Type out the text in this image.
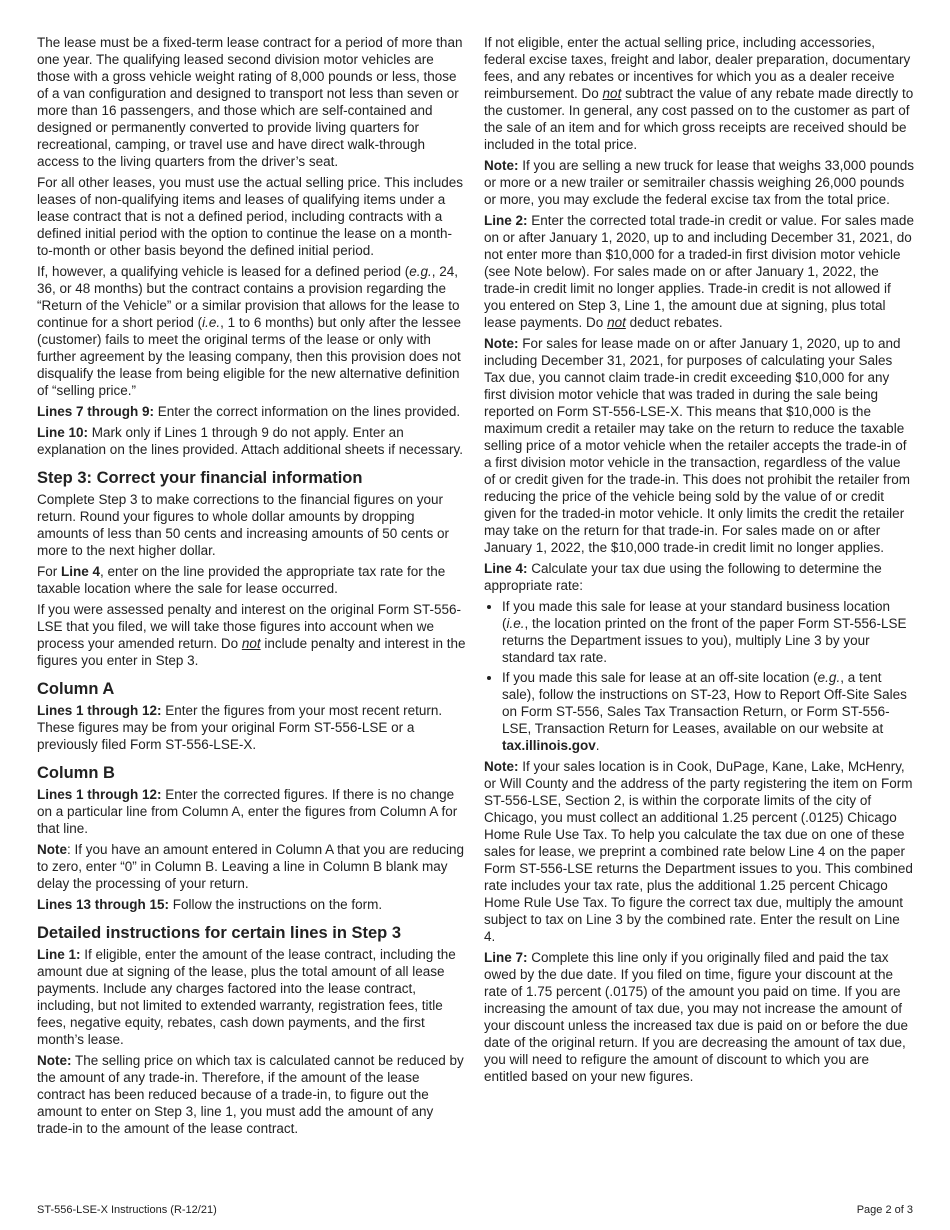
The lease must be a fixed-term lease contract for a period of more than one year. The qualifying leased second division motor vehicles are those with a gross vehicle weight rating of 8,000 pounds or less, those of a van configuration and designed to transport not less than seven or more than 16 passengers, and those which are self-contained and designed or permanently converted to provide living quarters for recreational, camping, or travel use and have direct walk-through access to the living quarters from the driver’s seat.

For all other leases, you must use the actual selling price. This includes leases of non-qualifying items and leases of qualifying items under a lease contract that is not a defined period, including contracts with a defined initial period with the option to continue the lease on a month-to-month or other basis beyond the defined initial period.

If, however, a qualifying vehicle is leased for a defined period (e.g., 24, 36, or 48 months) but the contract contains a provision regarding the “Return of the Vehicle” or a similar provision that allows for the lease to continue for a short period (i.e., 1 to 6 months) but only after the lessee (customer) fails to meet the original terms of the lease or only with further agreement by the leasing company, then this provision does not disqualify the lease from being eligible for the new alternative definition of “selling price.”

Lines 7 through 9: Enter the correct information on the lines provided.

Line 10: Mark only if Lines 1 through 9 do not apply. Enter an explanation on the lines provided. Attach additional sheets if necessary.

Step 3: Correct your financial information

Complete Step 3 to make corrections to the financial figures on your return. Round your figures to whole dollar amounts by dropping amounts of less than 50 cents and increasing amounts of 50 cents or more to the next higher dollar.

For Line 4, enter on the line provided the appropriate tax rate for the taxable location where the sale for lease occurred.

If you were assessed penalty and interest on the original Form ST-556-LSE that you filed, we will take those figures into account when we process your amended return. Do not include penalty and interest in the figures you enter in Step 3.

Column A

Lines 1 through 12: Enter the figures from your most recent return. These figures may be from your original Form ST-556-LSE or a previously filed Form ST-556-LSE-X.

Column B

Lines 1 through 12: Enter the corrected figures. If there is no change on a particular line from Column A, enter the figures from Column A for that line.

Note: If you have an amount entered in Column A that you are reducing to zero, enter “0” in Column B. Leaving a line in Column B blank may delay the processing of your return.

Lines 13 through 15: Follow the instructions on the form.

Detailed instructions for certain lines in Step 3

Line 1: If eligible, enter the amount of the lease contract, including the amount due at signing of the lease, plus the total amount of all lease payments. Include any charges factored into the lease contract, including, but not limited to extended warranty, registration fees, title fees, negative equity, rebates, cash down payments, and the first month’s lease.

Note: The selling price on which tax is calculated cannot be reduced by the amount of any trade-in. Therefore, if the amount of the lease contract has been reduced because of a trade-in, to figure out the amount to enter on Step 3, line 1, you must add the amount of any trade-in to the amount of the lease contract.

If not eligible, enter the actual selling price, including accessories, federal excise taxes, freight and labor, dealer preparation, documentary fees, and any rebates or incentives for which you as a dealer receive reimbursement. Do not subtract the value of any rebate made directly to the customer. In general, any cost passed on to the customer as part of the sale of an item and for which gross receipts are received should be included in the total price.

Note: If you are selling a new truck for lease that weighs 33,000 pounds or more or a new trailer or semitrailer chassis weighing 26,000 pounds or more, you may exclude the federal excise tax from the total price.

Line 2: Enter the corrected total trade-in credit or value. For sales made on or after January 1, 2020, up to and including December 31, 2021, do not enter more than $10,000 for a traded-in first division motor vehicle (see Note below). For sales made on or after January 1, 2022, the trade-in credit limit no longer applies. Trade-in credit is not allowed if you entered on Step 3, Line 1, the amount due at signing, plus total lease payments. Do not deduct rebates.

Note: For sales for lease made on or after January 1, 2020, up to and including December 31, 2021, for purposes of calculating your Sales Tax due, you cannot claim trade-in credit exceeding $10,000 for any first division motor vehicle that was traded in during the sale being reported on Form ST-556-LSE-X. This means that $10,000 is the maximum credit a retailer may take on the return to reduce the taxable selling price of a motor vehicle when the retailer accepts the trade-in of a first division motor vehicle in the transaction, regardless of the value of or credit given for the trade-in. This does not prohibit the retailer from reducing the price of the vehicle being sold by the value of or credit given for the traded-in motor vehicle. It only limits the credit the retailer may take on the return for that trade-in. For sales made on or after January 1, 2022, the $10,000 trade-in credit limit no longer applies.

Line 4: Calculate your tax due using the following to determine the appropriate rate:

• If you made this sale for lease at your standard business location (i.e., the location printed on the front of the paper Form ST-556-LSE returns the Department issues to you), multiply Line 3 by your standard tax rate.
• If you made this sale for lease at an off-site location (e.g., a tent sale), follow the instructions on ST-23, How to Report Off-Site Sales on Form ST-556, Sales Tax Transaction Return, or Form ST-556-LSE, Transaction Return for Leases, available on our website at tax.illinois.gov.

Note: If your sales location is in Cook, DuPage, Kane, Lake, McHenry, or Will County and the address of the party registering the item on Form ST-556-LSE, Section 2, is within the corporate limits of the city of Chicago, you must collect an additional 1.25 percent (.0125) Chicago Home Rule Use Tax. To help you calculate the tax due on one of these sales for lease, we preprint a combined rate below Line 4 on the paper Form ST-556-LSE returns the Department issues to you. This combined rate includes your tax rate, plus the additional 1.25 percent Chicago Home Rule Use Tax. To figure the correct tax due, multiply the amount subject to tax on Line 3 by the combined rate. Enter the result on Line 4.

Line 7: Complete this line only if you originally filed and paid the tax owed by the due date. If you filed on time, figure your discount at the rate of 1.75 percent (.0175) of the amount you paid on time. If you are increasing the amount of tax due, you may not increase the amount of your discount unless the increased tax due is paid on or before the due date of the original return. If you are decreasing the amount of tax due, you will need to refigure the amount of discount to which you are entitled based on your new figures.

ST-556-LSE-X Instructions (R-12/21)	Page 2 of 3
